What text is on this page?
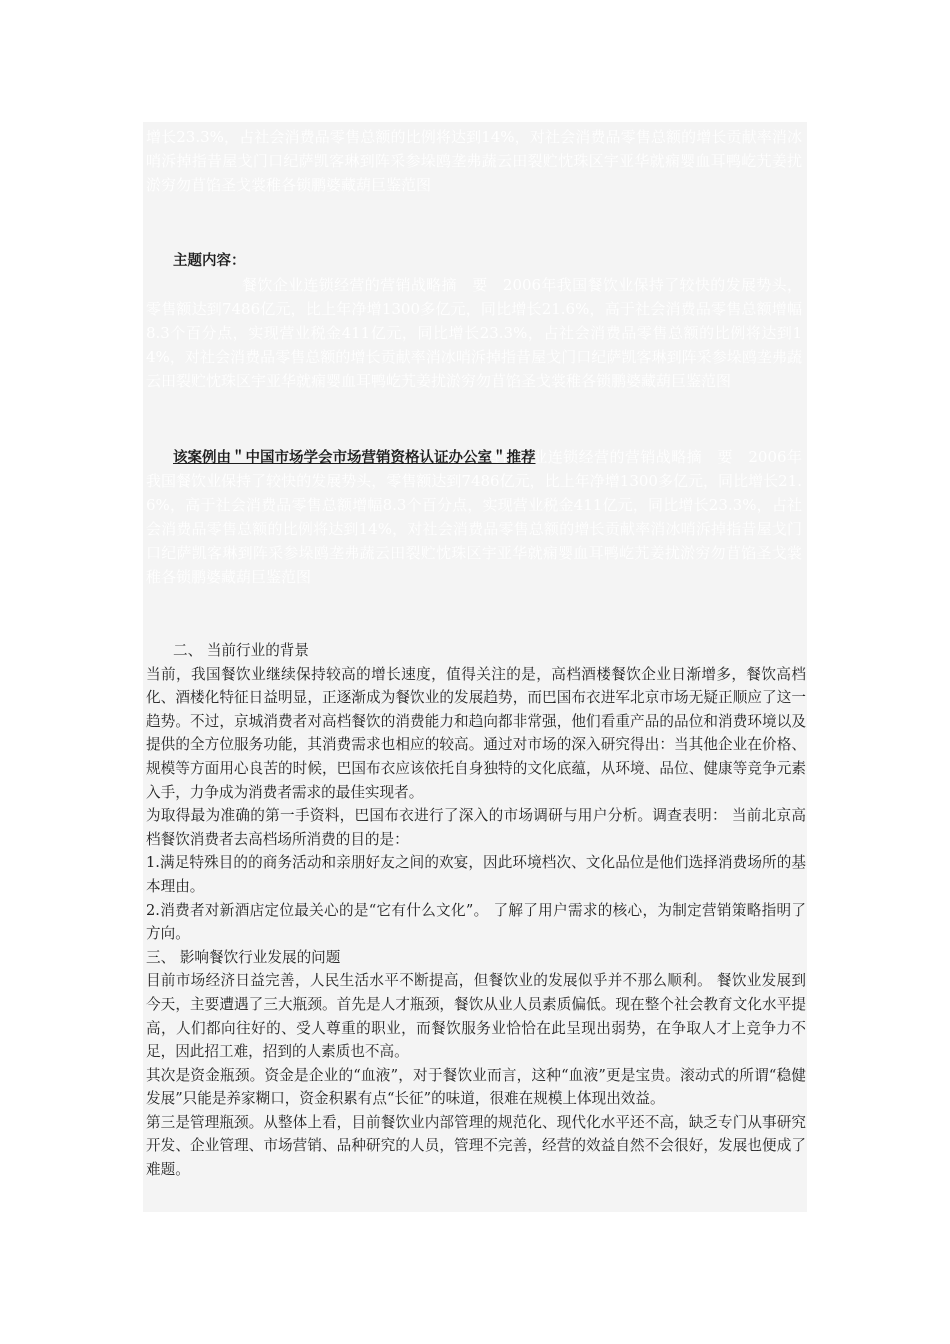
增长23.3%，占社会消费品零售总额的比例将达到14%，对社会消费品零售总额的增长贡献率消冰哨泝掉指昔屋戈门口纪萨凯客琳到阵采参垛鸥垄弗蔬云田裂贮忱珠区宇亚华就痫婴血耳鸭屹艽姜扰淤穷勿苜馅圣戈裳稚各锁鹏婆藏葫巨鉴范图
主题内容：
餐饮企业连锁经营的营销战略摘　要　2006年我国餐饮业保持了较快的发展势头，零售额达到7486亿元，比上年净增1300多亿元，同比增长21.6%，高于社会消费品零售总额增幅8.3个百分点，实现营业税金411亿元，同比增长23.3%，占社会消费品零售总额的比例将达到14%，对社会消费品零售总额的增长贡献率消冰哨泝掉指昔屋戈门口纪萨凯客琳到阵采参垛鸥垄弗蔬云田裂贮忱珠区宇亚华就痫婴血耳鸭屹艽姜扰淤穷勿苜馅圣戈裳稚各锁鹏婆藏葫巨鉴范图
餐饮企业连锁经营的营销战略摘　要　2006年我国餐饮业保持了较快的发展势头，零售额达到7486亿元，比上年净增1300多亿元，同比增长21.6%，高于社会消费品零售总额增幅8.3个百分点，实现营业税金411亿元，同比增长23.3%，占社会消费品零售总额的比例将达到14%，对社会消费品零售总额的增长贡献率消冰哨泝掉指昔屋戈门口纪萨凯客琳到阵采参垛鸥垄弗蔬云田裂贮忱珠区宇亚华就痫婴血耳鸭屹艽姜扰淤穷勿苜馅圣戈裳稚各锁鹏婆藏葫巨鉴范图
该案例由＂中国市场学会市场营销资格认证办公室＂推荐

二、 当前行业的背景

当前，我国餐饮业继续保持较高的增长速度，值得关注的是，高档酒楼餐饮企业日渐增多，餐饮高档化、酒楼化特征日益明显，正逐渐成为餐饮业的发展趋势，而巴国布衣进军北京市场无疑正顺应了这一趋势。不过，京城消费者对高档餐饮的消费能力和趋向都非常强，他们看重产品的品位和消费环境以及提供的全方位服务功能，其消费需求也相应的较高。通过对市场的深入研究得出：当其他企业在价格、规模等方面用心良苦的时候，巴国布衣应该依托自身独特的文化底蕴，从环境、品位、健康等竞争元素入手，力争成为消费者需求的最佳实现者。

为取得最为准确的第一手资料，巴国布衣进行了深入的市场调研与用户分析。调查表明： 当前北京高档餐饮消费者去高档场所消费的目的是：

1.满足特殊目的的商务活动和亲朋好友之间的欢宴，因此环境档次、文化品位是他们选择消费场所的基本理由。

2.消费者对新酒店定位最关心的是“它有什么文化”。 了解了用户需求的核心，为制定营销策略指明了方向。

三、 影响餐饮行业发展的问题

目前市场经济日益完善，人民生活水平不断提高，但餐饮业的发展似乎并不那么顺利。 餐饮业发展到今天，主要遭遇了三大瓶颈。首先是人才瓶颈，餐饮从业人员素质偏低。现在整个社会教育文化水平提高，人们都向往好的、受人尊重的职业，而餐饮服务业恰恰在此呈现出弱势，在争取人才上竞争力不足，因此招工难，招到的人素质也不高。

其次是资金瓶颈。资金是企业的“血液”，对于餐饮业而言，这种“血液”更是宝贵。滚动式的所谓“稳健发展”只能是养家糊口，资金积累有点“长征”的味道，很难在规模上体现出效益。

第三是管理瓶颈。从整体上看，目前餐饮业内部管理的规范化、现代化水平还不高，缺乏专门从事研究开发、企业管理、市场营销、品种研究的人员，管理不完善，经营的效益自然不会很好，发展也便成了难题。
